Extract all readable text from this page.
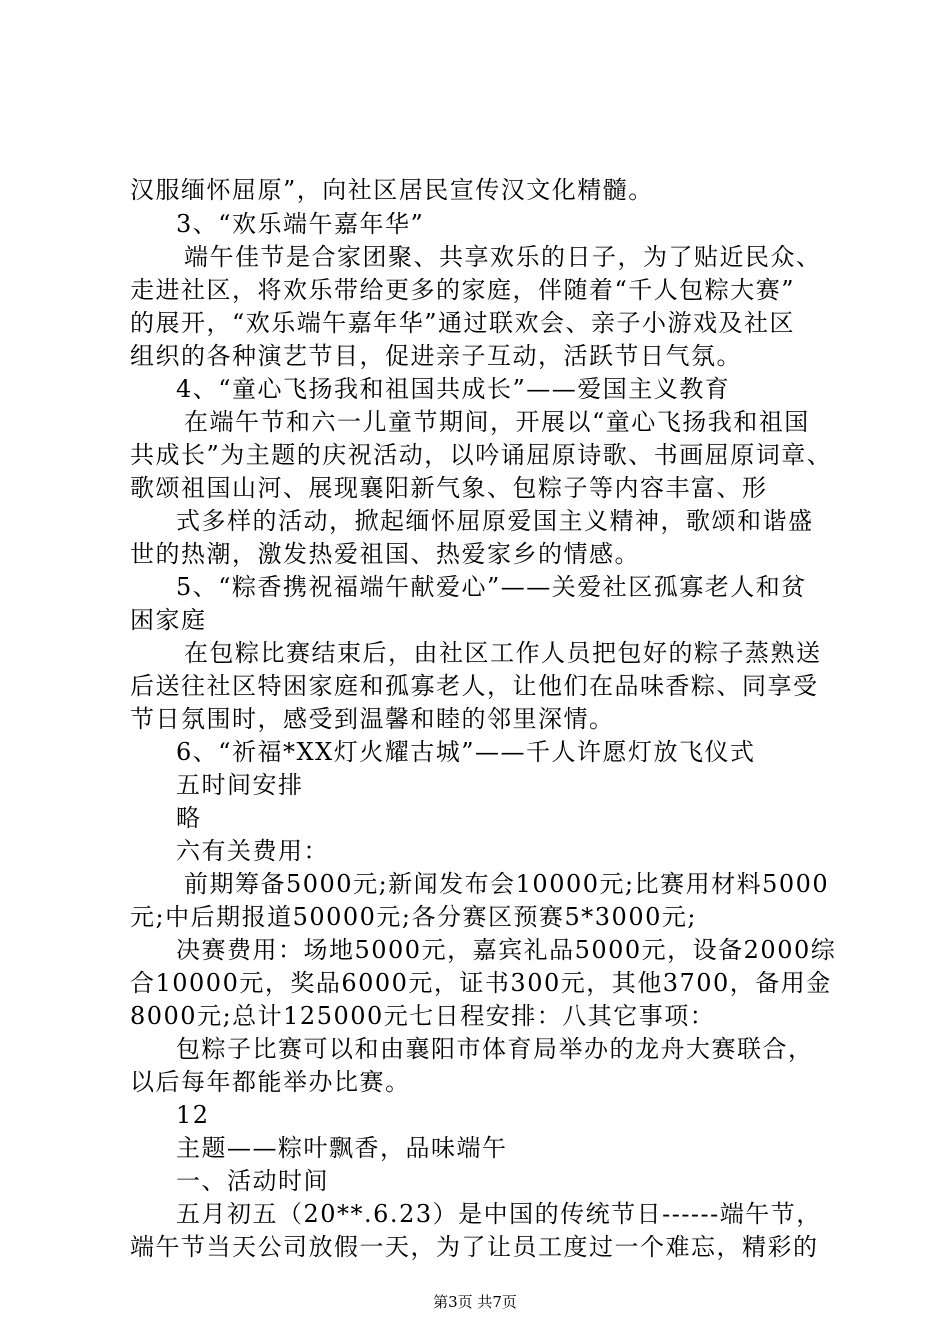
汉服缅怀屈原”，向社区居民宣传汉文化精髓。
3、“欢乐端午嘉年华”
端午佳节是合家团聚、共享欢乐的日子，为了贴近民众、
走进社区，将欢乐带给更多的家庭，伴随着“千人包粽大赛”
的展开，“欢乐端午嘉年华”通过联欢会、亲子小游戏及社区
组织的各种演艺节目，促进亲子互动，活跃节日气氛。
4、“童心飞扬我和祖国共成长”——爱国主义教育
在端午节和六一儿童节期间，开展以“童心飞扬我和祖国
共成长”为主题的庆祝活动，以吟诵屈原诗歌、书画屈原词章、
歌颂祖国山河、展现襄阳新气象、包粽子等内容丰富、形
式多样的活动，掀起缅怀屈原爱国主义精神，歌颂和谐盛
世的热潮，激发热爱祖国、热爱家乡的情感。
5、“粽香携祝福端午献爱心”——关爱社区孤寡老人和贫
困家庭
在包粽比赛结束后，由社区工作人员把包好的粽子蒸熟送
后送往社区特困家庭和孤寡老人，让他们在品味香粽、同享受
节日氛围时，感受到温馨和睦的邻里深情。
6、“祈福*XX灯火耀古城”——千人许愿灯放飞仪式
五时间安排
略
六有关费用：
前期筹备5000元;新闻发布会10000元;比赛用材料5000
元;中后期报道50000元;各分赛区预赛5*3000元;
决赛费用：场地5000元，嘉宾礼品5000元，设备2000综
合10000元，奖品6000元，证书300元，其他3700，备用金
8000元;总计125000元七日程安排：八其它事项：
包粽子比赛可以和由襄阳市体育局举办的龙舟大赛联合，
以后每年都能举办比赛。
12
主题——粽叶飘香，品味端午
一、活动时间
五月初五（20**.6.23）是中国的传统节日------端午节，
端午节当天公司放假一天，为了让员工度过一个难忘，精彩的
第3页 共7页
